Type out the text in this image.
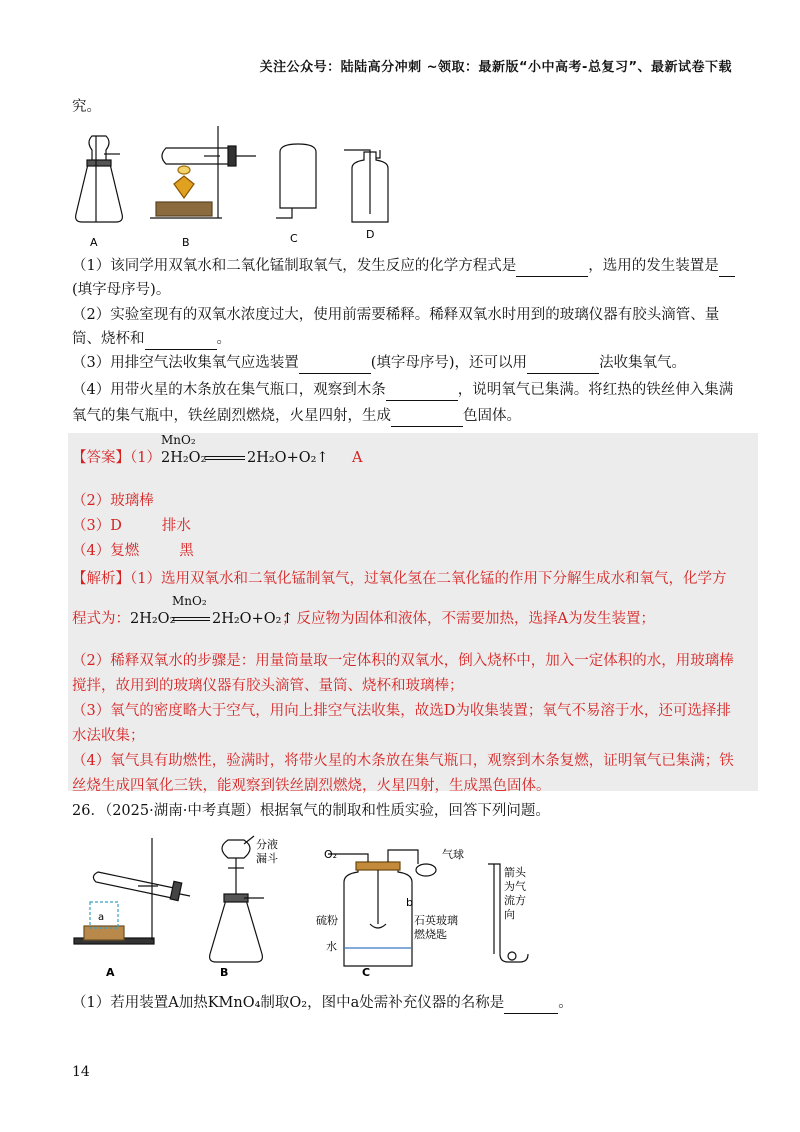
关注公众号：陆陆高分冲刺 ~领取：最新版“小中高考-总复习”、最新试卷下载
究。
A	B	C	D
（1）该同学用双氧水和二氧化锰制取氧气，发生反应的化学方程式是	，选用的发生装置是
(填字母序号)。
（2）实验室现有的双氧水浓度过大，使用前需要稀释。稀释双氧水时用到的玻璃仪器有胶头滴管、量
筒、烧杯和	。
（3）用排空气法收集氧气应选装置	(填字母序号)，还可以用	法收集氧气。
（4）用带火星的木条放在集气瓶口，观察到木条	，说明氧气已集满。将红热的铁丝伸入集满
氧气的集气瓶中，铁丝剧烈燃烧，火星四射，生成	色固体。
【答案】（1）
MnO₂
2H₂O₂	2H₂O+O₂↑ A
（2）玻璃棒
（3）D	排水
（4）复燃	黑
【解析】（1）选用双氧水和二氧化锰制氧气，过氧化氢在二氧化锰的作用下分解生成水和氧气，化学方
程式为：
MnO₂
2H₂O₂	2H₂O+O₂↑
；反应物为固体和液体，不需要加热，选择A为发生装置；
（2）稀释双氧水的步骤是：用量筒量取一定体积的双氧水，倒入烧杯中，加入一定体积的水，用玻璃棒
搅拌，故用到的玻璃仪器有胶头滴管、量筒、烧杯和玻璃棒；
（3）氧气的密度略大于空气，用向上排空气法收集，故选D为收集装置；氧气不易溶于水，还可选择排
水法收集；
（4）氧气具有助燃性，验满时，将带火星的木条放在集气瓶口，观察到木条复燃，证明氧气已集满；铁
丝烧生成四氧化三铁，能观察到铁丝剧烈燃烧，火星四射，生成黑色固体。
26．（2025·湖南·中考真题）根据氧气的制取和性质实验，回答下列问题。
a
分液
漏斗	O₂	气球
b
硫粉
水
石英玻璃
燃烧匙
箭头
为气
流方
向
A	B	C
（1）若用装置A加热KMnO₄制取O₂，图中a处需补充仪器的名称是	。
14
